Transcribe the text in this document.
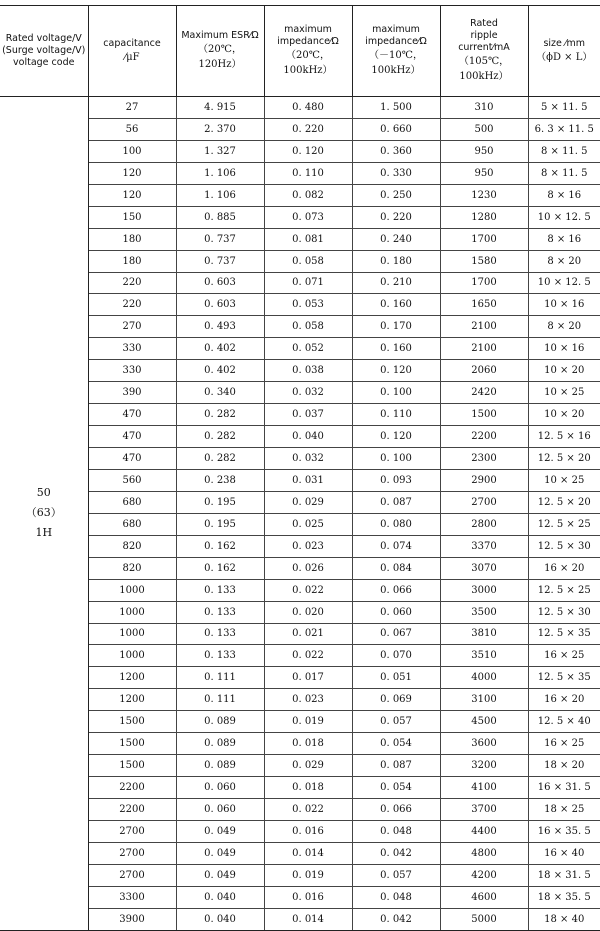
Rated voltage/V
(Surge voltage/V)
voltage code	capacitance
⁄μF	Maximum ESR⁄Ω
（20℃，
120Hz）	maximum
impedance⁄Ω
（20℃，
100kHz）	maximum
impedance⁄Ω
（－10℃，
100kHz）	Rated
ripple
current⁄mA
（105℃，
100kHz）	size ⁄mm
（ϕD × L）

50
（63）
1H	27	4. 915	0. 480	1. 500	310	5 × 11. 5
	56	2. 370	0. 220	0. 660	500	6. 3 × 11. 5
	100	1. 327	0. 120	0. 360	950	8 × 11. 5
	120	1. 106	0. 110	0. 330	950	8 × 11. 5
	120	1. 106	0. 082	0. 250	1230	8 × 16
	150	0. 885	0. 073	0. 220	1280	10 × 12. 5
	180	0. 737	0. 081	0. 240	1700	8 × 16
	180	0. 737	0. 058	0. 180	1580	8 × 20
	220	0. 603	0. 071	0. 210	1700	10 × 12. 5
	220	0. 603	0. 053	0. 160	1650	10 × 16
	270	0. 493	0. 058	0. 170	2100	8 × 20
	330	0. 402	0. 052	0. 160	2100	10 × 16
	330	0. 402	0. 038	0. 120	2060	10 × 20
	390	0. 340	0. 032	0. 100	2420	10 × 25
	470	0. 282	0. 037	0. 110	1500	10 × 20
	470	0. 282	0. 040	0. 120	2200	12. 5 × 16
	470	0. 282	0. 032	0. 100	2300	12. 5 × 20
	560	0. 238	0. 031	0. 093	2900	10 × 25
	680	0. 195	0. 029	0. 087	2700	12. 5 × 20
	680	0. 195	0. 025	0. 080	2800	12. 5 × 25
	820	0. 162	0. 023	0. 074	3370	12. 5 × 30
	820	0. 162	0. 026	0. 084	3070	16 × 20
	1000	0. 133	0. 022	0. 066	3000	12. 5 × 25
	1000	0. 133	0. 020	0. 060	3500	12. 5 × 30
	1000	0. 133	0. 021	0. 067	3810	12. 5 × 35
	1000	0. 133	0. 022	0. 070	3510	16 × 25
	1200	0. 111	0. 017	0. 051	4000	12. 5 × 35
	1200	0. 111	0. 023	0. 069	3100	16 × 20
	1500	0. 089	0. 019	0. 057	4500	12. 5 × 40
	1500	0. 089	0. 018	0. 054	3600	16 × 25
	1500	0. 089	0. 029	0. 087	3200	18 × 20
	2200	0. 060	0. 018	0. 054	4100	16 × 31. 5
	2200	0. 060	0. 022	0. 066	3700	18 × 25
	2700	0. 049	0. 016	0. 048	4400	16 × 35. 5
	2700	0. 049	0. 014	0. 042	4800	16 × 40
	2700	0. 049	0. 019	0. 057	4200	18 × 31. 5
	3300	0. 040	0. 016	0. 048	4600	18 × 35. 5
	3900	0. 040	0. 014	0. 042	5000	18 × 40
